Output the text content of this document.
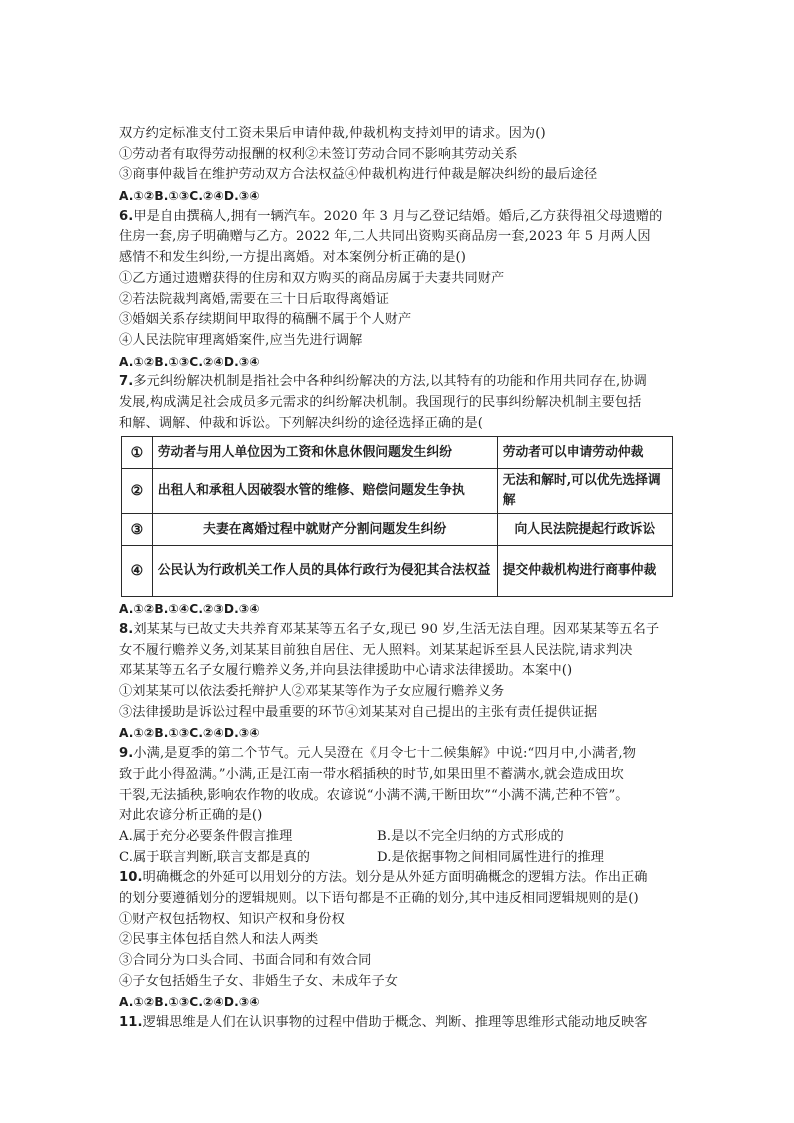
双方约定标准支付工资未果后申请仲裁,仲裁机构支持刘甲的请求。因为()
①劳动者有取得劳动报酬的权利②未签订劳动合同不影响其劳动关系
③商事仲裁旨在维护劳动双方合法权益④仲裁机构进行仲裁是解决纠纷的最后途径
A.①②B.①③C.②④D.③④
6.甲是自由撰稿人,拥有一辆汽车。2020 年 3 月与乙登记结婚。婚后,乙方获得祖父母遗赠的
住房一套,房子明确赠与乙方。2022 年,二人共同出资购买商品房一套,2023 年 5 月两人因
感情不和发生纠纷,一方提出离婚。对本案例分析正确的是()
①乙方通过遗赠获得的住房和双方购买的商品房属于夫妻共同财产
②若法院裁判离婚,需要在三十日后取得离婚证
③婚姻关系存续期间甲取得的稿酬不属于个人财产
④人民法院审理离婚案件,应当先进行调解
A.①②B.①③C.②④D.③④
7.多元纠纷解决机制是指社会中各种纠纷解决的方法,以其特有的功能和作用共同存在,协调
发展,构成满足社会成员多元需求的纠纷解决机制。我国现行的民事纠纷解决机制主要包括
和解、调解、仲裁和诉讼。下列解决纠纷的途径选择正确的是(
①	劳动者与用人单位因为工资和休息休假问题发生纠纷	劳动者可以申请劳动仲裁
②	出租人和承租人因破裂水管的维修、赔偿问题发生争执	无法和解时,可以优先选择调解
③	夫妻在离婚过程中就财产分割问题发生纠纷	向人民法院提起行政诉讼
④	公民认为行政机关工作人员的具体行政行为侵犯其合法权益	提交仲裁机构进行商事仲裁
A.①②B.①④C.②③D.③④
8.刘某某与已故丈夫共养育邓某某等五名子女,现已 90 岁,生活无法自理。因邓某某等五名子
女不履行赡养义务,刘某某目前独自居住、无人照料。刘某某起诉至县人民法院,请求判决
邓某某等五名子女履行赡养义务,并向县法律援助中心请求法律援助。本案中()
①刘某某可以依法委托辩护人②邓某某等作为子女应履行赡养义务
③法律援助是诉讼过程中最重要的环节④刘某某对自己提出的主张有责任提供证据
A.①②B.①③C.②④D.③④
9.小满,是夏季的第二个节气。元人吴澄在《月令七十二候集解》中说:“四月中,小满者,物
致于此小得盈满。”小满,正是江南一带水稻插秧的时节,如果田里不蓄满水,就会造成田坎
干裂,无法插秧,影响农作物的收成。农谚说“小满不满,干断田坎”“小满不满,芒种不管”。
对此农谚分析正确的是()
A.属于充分必要条件假言推理	B.是以不完全归纳的方式形成的
C.属于联言判断,联言支都是真的	D.是依据事物之间相同属性进行的推理
10.明确概念的外延可以用划分的方法。划分是从外延方面明确概念的逻辑方法。作出正确
的划分要遵循划分的逻辑规则。以下语句都是不正确的划分,其中违反相同逻辑规则的是()
①财产权包括物权、知识产权和身份权
②民事主体包括自然人和法人两类
③合同分为口头合同、书面合同和有效合同
④子女包括婚生子女、非婚生子女、未成年子女
A.①②B.①③C.②④D.③④
11.逻辑思维是人们在认识事物的过程中借助于概念、判断、推理等思维形式能动地反映客
